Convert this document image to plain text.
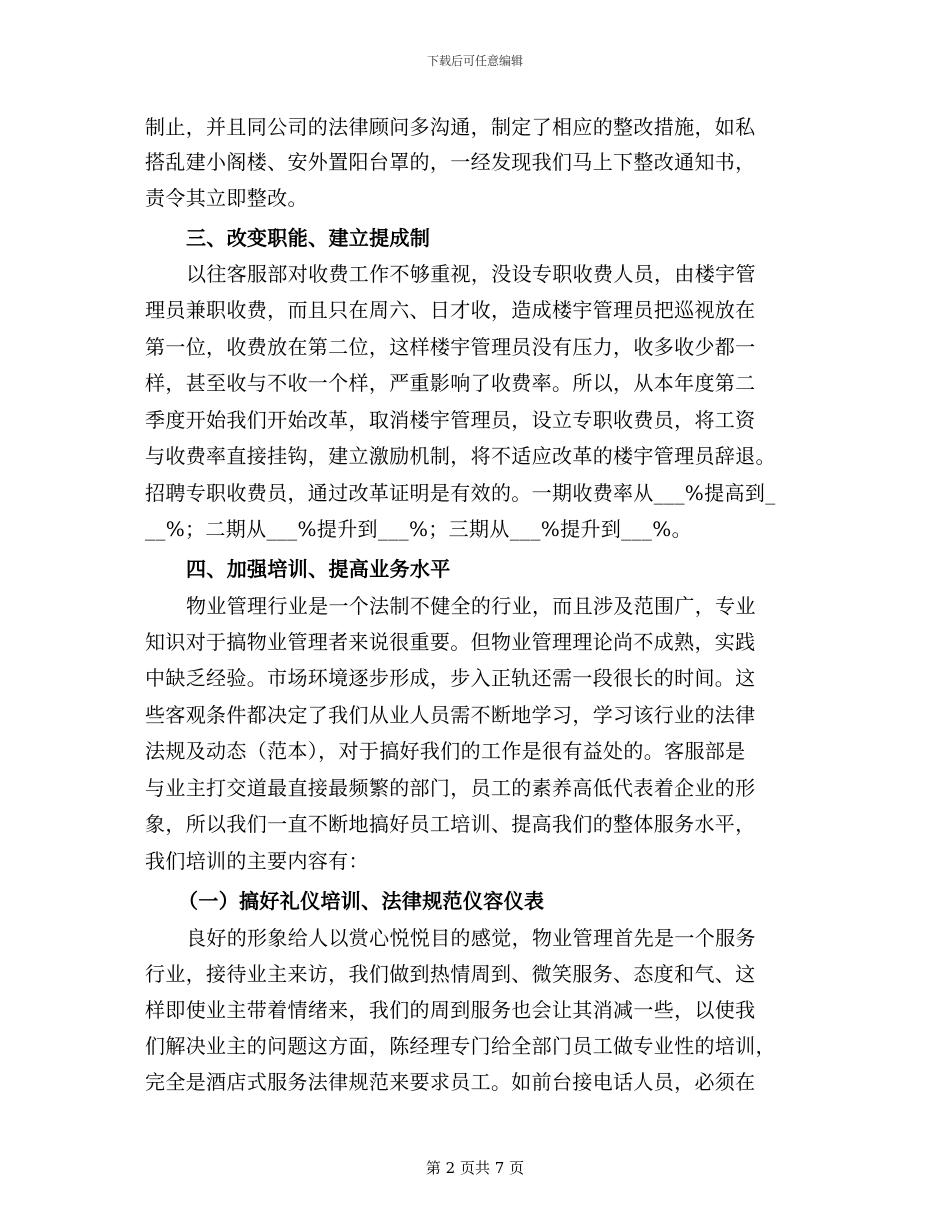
下载后可任意编辑

制止，并且同公司的法律顾问多沟通，制定了相应的整改措施，如私

搭乱建小阁楼、安外置阳台罩的，一经发现我们马上下整改通知书，

责令其立即整改。

三、改变职能、建立提成制

以往客服部对收费工作不够重视，没设专职收费人员，由楼宇管

理员兼职收费，而且只在周六、日才收，造成楼宇管理员把巡视放在

第一位，收费放在第二位，这样楼宇管理员没有压力，收多收少都一

样，甚至收与不收一个样，严重影响了收费率。所以，从本年度第二

季度开始我们开始改革，取消楼宇管理员，设立专职收费员，将工资

与收费率直接挂钩，建立激励机制，将不适应改革的楼宇管理员辞退。

招聘专职收费员，通过改革证明是有效的。一期收费率从___%提高到_

__%；二期从___%提升到___%；三期从___%提升到___%。

四、加强培训、提高业务水平

物业管理行业是一个法制不健全的行业，而且涉及范围广，专业

知识对于搞物业管理者来说很重要。但物业管理理论尚不成熟，实践

中缺乏经验。市场环境逐步形成，步入正轨还需一段很长的时间。这

些客观条件都决定了我们从业人员需不断地学习，学习该行业的法律

法规及动态（范本），对于搞好我们的工作是很有益处的。客服部是

与业主打交道最直接最频繁的部门，员工的素养高低代表着企业的形

象，所以我们一直不断地搞好员工培训、提高我们的整体服务水平，

我们培训的主要内容有：

（一）搞好礼仪培训、法律规范仪容仪表

良好的形象给人以赏心悦悦目的感觉，物业管理首先是一个服务

行业，接待业主来访，我们做到热情周到、微笑服务、态度和气、这

样即使业主带着情绪来，我们的周到服务也会让其消减一些，以使我

们解决业主的问题这方面，陈经理专门给全部门员工做专业性的培训，

完全是酒店式服务法律规范来要求员工。如前台接电话人员，必须在

第 2 页共 7 页
